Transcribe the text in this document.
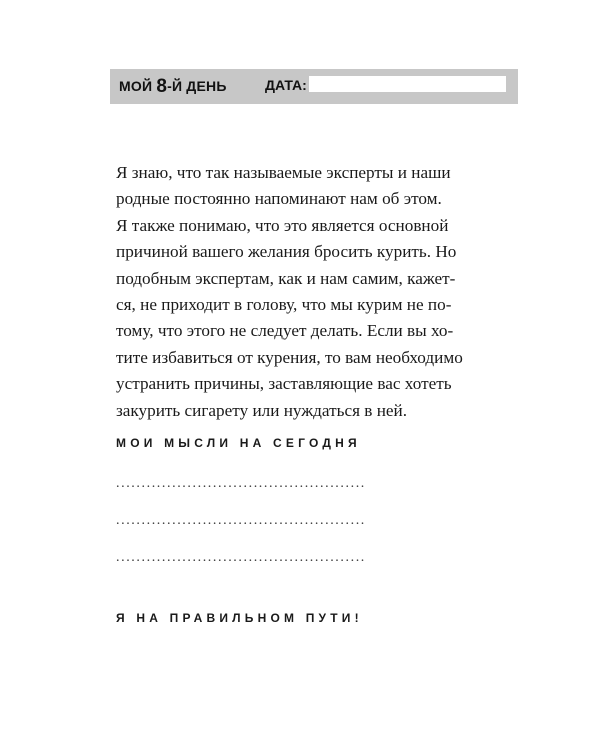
МОЙ 8-Й ДЕНЬ	ДАТА:

Я знаю, что так называемые эксперты и наши
родные постоянно напоминают нам об этом.
Я также понимаю, что это является основной
причиной вашего желания бросить курить. Но
подобным экспертам, как и нам самим, кажет-
ся, не приходит в голову, что мы курим не по-
тому, что этого не следует делать. Если вы хо-
тите избавиться от курения, то вам необходимо
устранить причины, заставляющие вас хотеть
закурить сигарету или нуждаться в ней.

МОИ МЫСЛИ НА СЕГОДНЯ
.................................................
.................................................
.................................................
Я НА ПРАВИЛЬНОМ ПУТИ!
